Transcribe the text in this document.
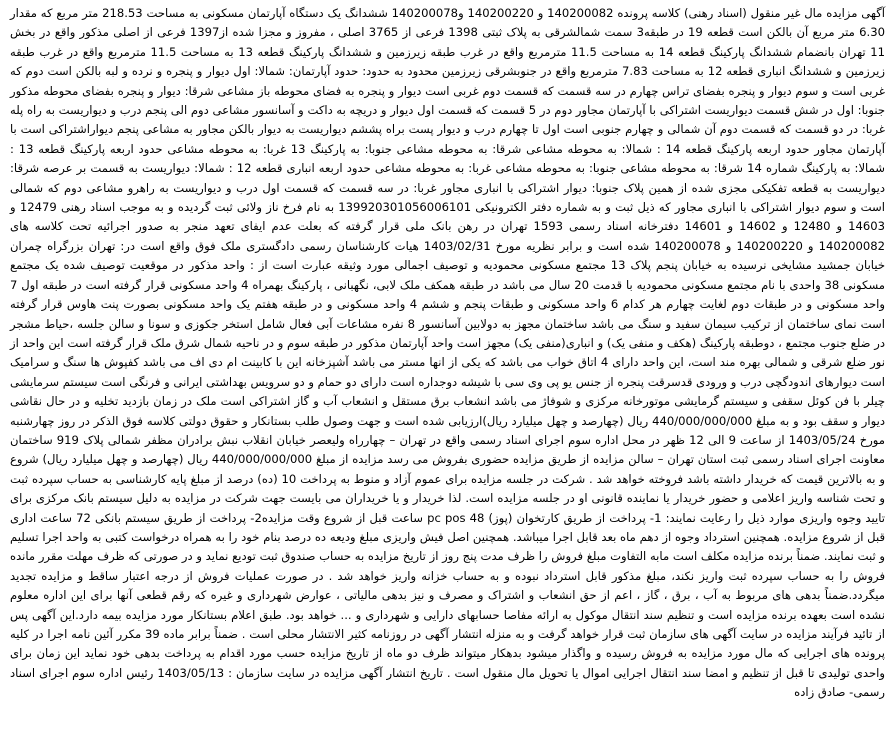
آگهی مزایده مال غیر منقول (اسناد رهنی) کلاسه پرونده 140200082 و 140200220 و140200078 ششدانگ یک دستگاه آپارتمان مسکونی به مساحت 218.53 متر مربع که مقدار 6.30 متر مربع آن بالکن است قطعه 19 در طبقه3 سمت شمالشرقی به پلاک ثبتی 1398 فرعی از 3765 اصلی ، مفروز و مجزا شده از1397 فرعی از اصلی مذکور واقع در بخش 11 تهران بانضمام ششدانگ پارکینگ قطعه 14 به مساحت 11.5 مترمربع واقع در غرب طبقه زیرزمین و ششدانگ پارکینگ قطعه 13 به مساحت 11.5 مترمربع واقع در غرب طبقه زیرزمین و ششدانگ انباری قطعه 12 به مساحت 7.83 مترمربع واقع در جنوبشرقی زیرزمین محدود به حدود: حدود آپارتمان: شمالا: اول دیوار و پنجره و نرده و لبه بالکن است دوم که غربی است و سوم دیوار و پنجره بفضای تراس چهارم در سه قسمت که قسمت دوم غربی است دیوار و پنجره به فضای محوطه باز مشاعی شرقا: دیوار و پنجره بفضای محوطه مذکور جنوبا: اول در شش قسمت دیواریست اشتراکی با آپارتمان مجاور دوم در 5 قسمت که قسمت اول دیوار و دریچه به داکت و آسانسور مشاعی دوم الی پنجم درب و دیواریست به راه پله غربا: در دو قسمت که قسمت دوم آن شمالی و چهارم جنوبی است اول تا چهارم درب و دیوار پست براه پششم دیواریست به دیوار بالکن مجاور به مشاعی پنجم دیواراشتراکی است با آپارتمان مجاور حدود اربعه پارکینگ قطعه 14 : شمالا: به محوطه مشاعی شرقا: به محوطه مشاعی جنوبا: به پارکینگ 13 غربا: به محوطه مشاعی حدود اربعه پارکینگ قطعه 13 : شمالا: به پارکینگ شماره 14 شرقا: به محوطه مشاعی جنوبا: به محوطه مشاعی غربا: به محوطه مشاعی حدود اربعه انباری قطعه 12 : شمالا: دیواریست به قسمت بر عرصه شرقا: دیواریست به قطعه تفکیکی مجزی شده از همین پلاک جنوبا: دیوار اشتراکی با انباری مجاور غربا: در سه قسمت که قسمت اول درب و دیواریست به راهرو مشاعی دوم که شمالی است و سوم دیوار اشتراکی با انباری مجاور که ذیل ثبت و به شماره دفتر الکترونیکی 139920301056006101 به نام فرخ ناز ولائی ثبت گردیده و به موجب اسناد رهنی 12479 و 14603 و 12480 و 14602 و 14601 دفترخانه اسناد رسمی 1593 تهران در رهن بانک ملی قرار گرفته که بعلت عدم ایفای تعهد منجر به صدور اجرائیه تحت کلاسه های 140200082 و 140200220 و 140200078 شده است و برابر نظریه مورخ 1403/02/31 هیات کارشناسان رسمی دادگستری ملک فوق واقع است در: تهران بزرگراه چمران خیابان جمشید مشایخی نرسیده به خیابان پنجم پلاک 13 مجتمع مسکونی محموديه و توصیف اجمالی مورد وثیقه عبارت است از : واحد مذکور در موقعیت توصیف شده یک مجتمع مسکونی 38 واحدی با نام مجتمع مسکونی محموديه با قدمت 20 سال می باشد در طبقه همکف ملک لابی، نگهبانی ، پارکینگ بهمراه 4 واحد مسکونی قرار گرفته است در طبقه اول 7 واحد مسکونی و در طبقات دوم لغایت چهارم هر کدام 6 واحد مسکونی و طبقات پنجم و ششم 4 واحد مسکونی و در طبقه هفتم یک واحد مسکونی بصورت پنت هاوس قرار گرفته است نمای ساختمان از ترکیب سیمان سفید و سنگ می باشد ساختمان مجهز به دولابین آسانسور 8 نفره مشاعات آبی فعال شامل استخر جکوزی و سونا و سالن جلسه ،حیاط مشجر در ضلع جنوب مجتمع ، دوطبقه پارکینگ (هکف و منفی یک) و انباری(منفی یک) مجهز است واحد آپارتمان مذکور در طبقه سوم و در ناحیه شمال شرق ملک قرار گرفته است این واحد از نور ضلع شرقی و شمالی بهره مند است، این واحد دارای 4 اتاق خواب می باشد که یکی از انها مستر می باشد آشپزخانه این با کابینت ام دی اف می باشد کفپوش ها سنگ و سرامیک است دیوارهای اندودگچی درب و ورودی قدسرقت پنجره از جنس یو پی وی سی با شیشه دوجداره است دارای دو حمام و دو سرویس بهداشتی ایرانی و فرنگی است سیستم سرمایشی چیلر با فن کوئل سقفی و سیستم گرمایشی موتورخانه مرکزی و شوفاژ می باشد انشعاب برق مستقل و انشعاب آب و گاز اشتراکی است ملک در زمان بازدید تخلیه و در حال نقاشی دیوار و سقف بود و به مبلغ 440/000/000/000 ریال (چهارصد و چهل میلیارد ریال)ارزیابی شده است و جهت وصول طلب بستانکار و حقوق دولتی کلاسه فوق الذکر در روز چهارشنبه مورخ 1403/05/24 از ساعت 9 الی 12 ظهر در محل اداره سوم اجرای اسناد رسمی واقع در تهران – چهارراه ولیعصر خیابان انقلاب نبش برادران مظفر شمالی پلاک 919 ساختمان معاونت اجرای اسناد رسمی ثبت استان تهران – سالن مزایده از طریق مزایده حضوری بفروش می رسد مزایده از مبلغ 440/000/000/000 ریال (چهارصد و چهل میلیارد ریال) شروع و به بالاترین قیمت که خریدار داشته باشد فروخته خواهد شد . شرکت در جلسه مزایده برای عموم آزاد و منوط به پرداخت 10 (ده) درصد از مبلغ پایه کارشناسی به حساب سپرده ثبت و تحت شناسه واریز اعلامی و حضور خریدار یا نماینده قانونی او در جلسه مزایده است. لذا خریدار و یا خریداران می بایست جهت شرکت در مزایده به دلیل سیستم بانک مرکزی برای تایید وجوه واریزی موارد ذیل را رعایت نمایند: 1- پرداخت از طریق کارتخوان (پوز) pc pos 48 ساعت قبل از شروع وقت مزایده2- پرداخت از طریق سیستم بانکی 72 ساعت اداری قبل از شروع مزایده. همچنین استرداد وجوه از دهم ماه بعد قابل اجرا میباشد. همچنین اصل فیش واریزی مبلغ ودیعه ده درصد بنام خود را به همراه درخواست کتبی به واحد اجرا تسلیم و ثبت نمایند. ضمناً برنده مزایده مکلف است مابه التفاوت مبلغ فروش را ظرف مدت پنج روز از تاریخ مزایده به حساب صندوق ثبت تودیع نماید و در صورتی که ظرف مهلت مقرر مانده فروش را به حساب سپرده ثبت واریز نکند، مبلغ مذکور قابل استرداد نبوده و به حساب خزانه واریز خواهد شد . در صورت عملیات فروش از درجه اعتبار ساقط و مزایده تجدید میگردد.ضمناً بدهی های مربوط به آب ، برق ، گاز ، اعم از حق انشعاب و اشتراک و مصرف و نیز بدهی مالیاتی ، عوارض شهرداری و غیره که رقم قطعی آنها برای این اداره معلوم نشده است بعهده برنده مزایده است و تنظیم سند انتقال موکول به ارائه مفاصا حسابهای دارایی و شهرداری و ... خواهد بود. طبق اعلام بستانکار مورد مزایده بیمه دارد.این آگهی پس از تائید فرآیند مزایده در سایت آگهی های سازمان ثبت قرار خواهد گرفت و به منزله انتشار آگهی در روزنامه کثیر الانتشار محلی است . ضمناً برابر ماده 39 مکرر آئین نامه اجرا در کلیه پرونده های اجرایی که مال مورد مزایده به فروش رسیده و واگذار میشود بدهکار میتواند ظرف دو ماه از تاریخ مزایده حسب مورد اقدام به پرداخت بدهی خود نماید این زمان برای واحدی تولیدی تا قبل از تنظیم و امضا سند انتقال اجرایی اموال یا تحویل مال منقول است . تاریخ انتشار آگهی مزایده در سایت سازمان : 1403/05/13 رئیس اداره سوم اجرای اسناد رسمی- صادق زاده
